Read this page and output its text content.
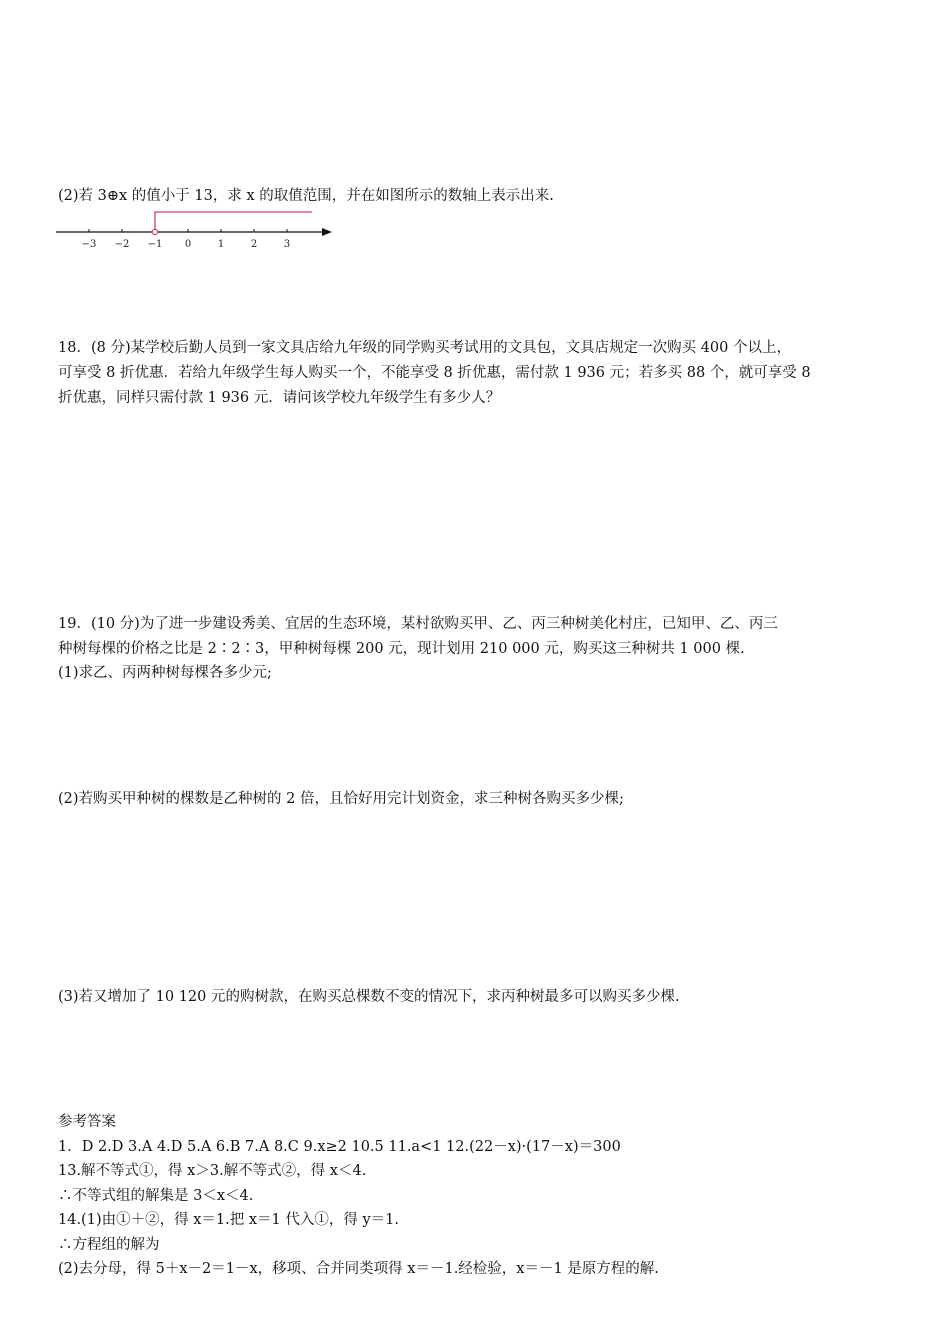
(2)若 3⊕x 的值小于 13，求 x 的取值范围，并在如图所示的数轴上表示出来.
−3 −2 −1 0	1	2	3
18．(8 分)某学校后勤人员到一家文具店给九年级的同学购买考试用的文具包，文具店规定一次购买 400 个以上，
可享受 8 折优惠．若给九年级学生每人购买一个，不能享受 8 折优惠，需付款 1 936 元；若多买 88 个，就可享受 8
折优惠，同样只需付款 1 936 元．请问该学校九年级学生有多少人？
19．(10 分)为了进一步建设秀美、宜居的生态环境，某村欲购买甲、乙、丙三种树美化村庄，已知甲、乙、丙三
种树每棵的价格之比是 2∶2∶3，甲种树每棵 200 元，现计划用 210 000 元，购买这三种树共 1 000 棵.
(1)求乙、丙两种树每棵各多少元;
(2)若购买甲种树的棵数是乙种树的 2 倍，且恰好用完计划资金，求三种树各购买多少棵;
(3)若又增加了 10 120 元的购树款，在购买总棵数不变的情况下，求丙种树最多可以购买多少棵.
参考答案
1．D 2.D 3.A 4.D 5.A 6.B 7.A 8.C 9.x≥2 10.5 11.a<1 12.(22－x)·(17－x)＝300
13.解不等式①，得 x＞3.解不等式②，得 x＜4.
∴不等式组的解集是 3＜x＜4.
14.(1)由①＋②，得 x＝1.把 x＝1 代入①，得 y＝1.
∴方程组的解为
(2)去分母，得 5＋x－2＝1－x，移项、合并同类项得 x＝－1.经检验，x＝－1 是原方程的解.
